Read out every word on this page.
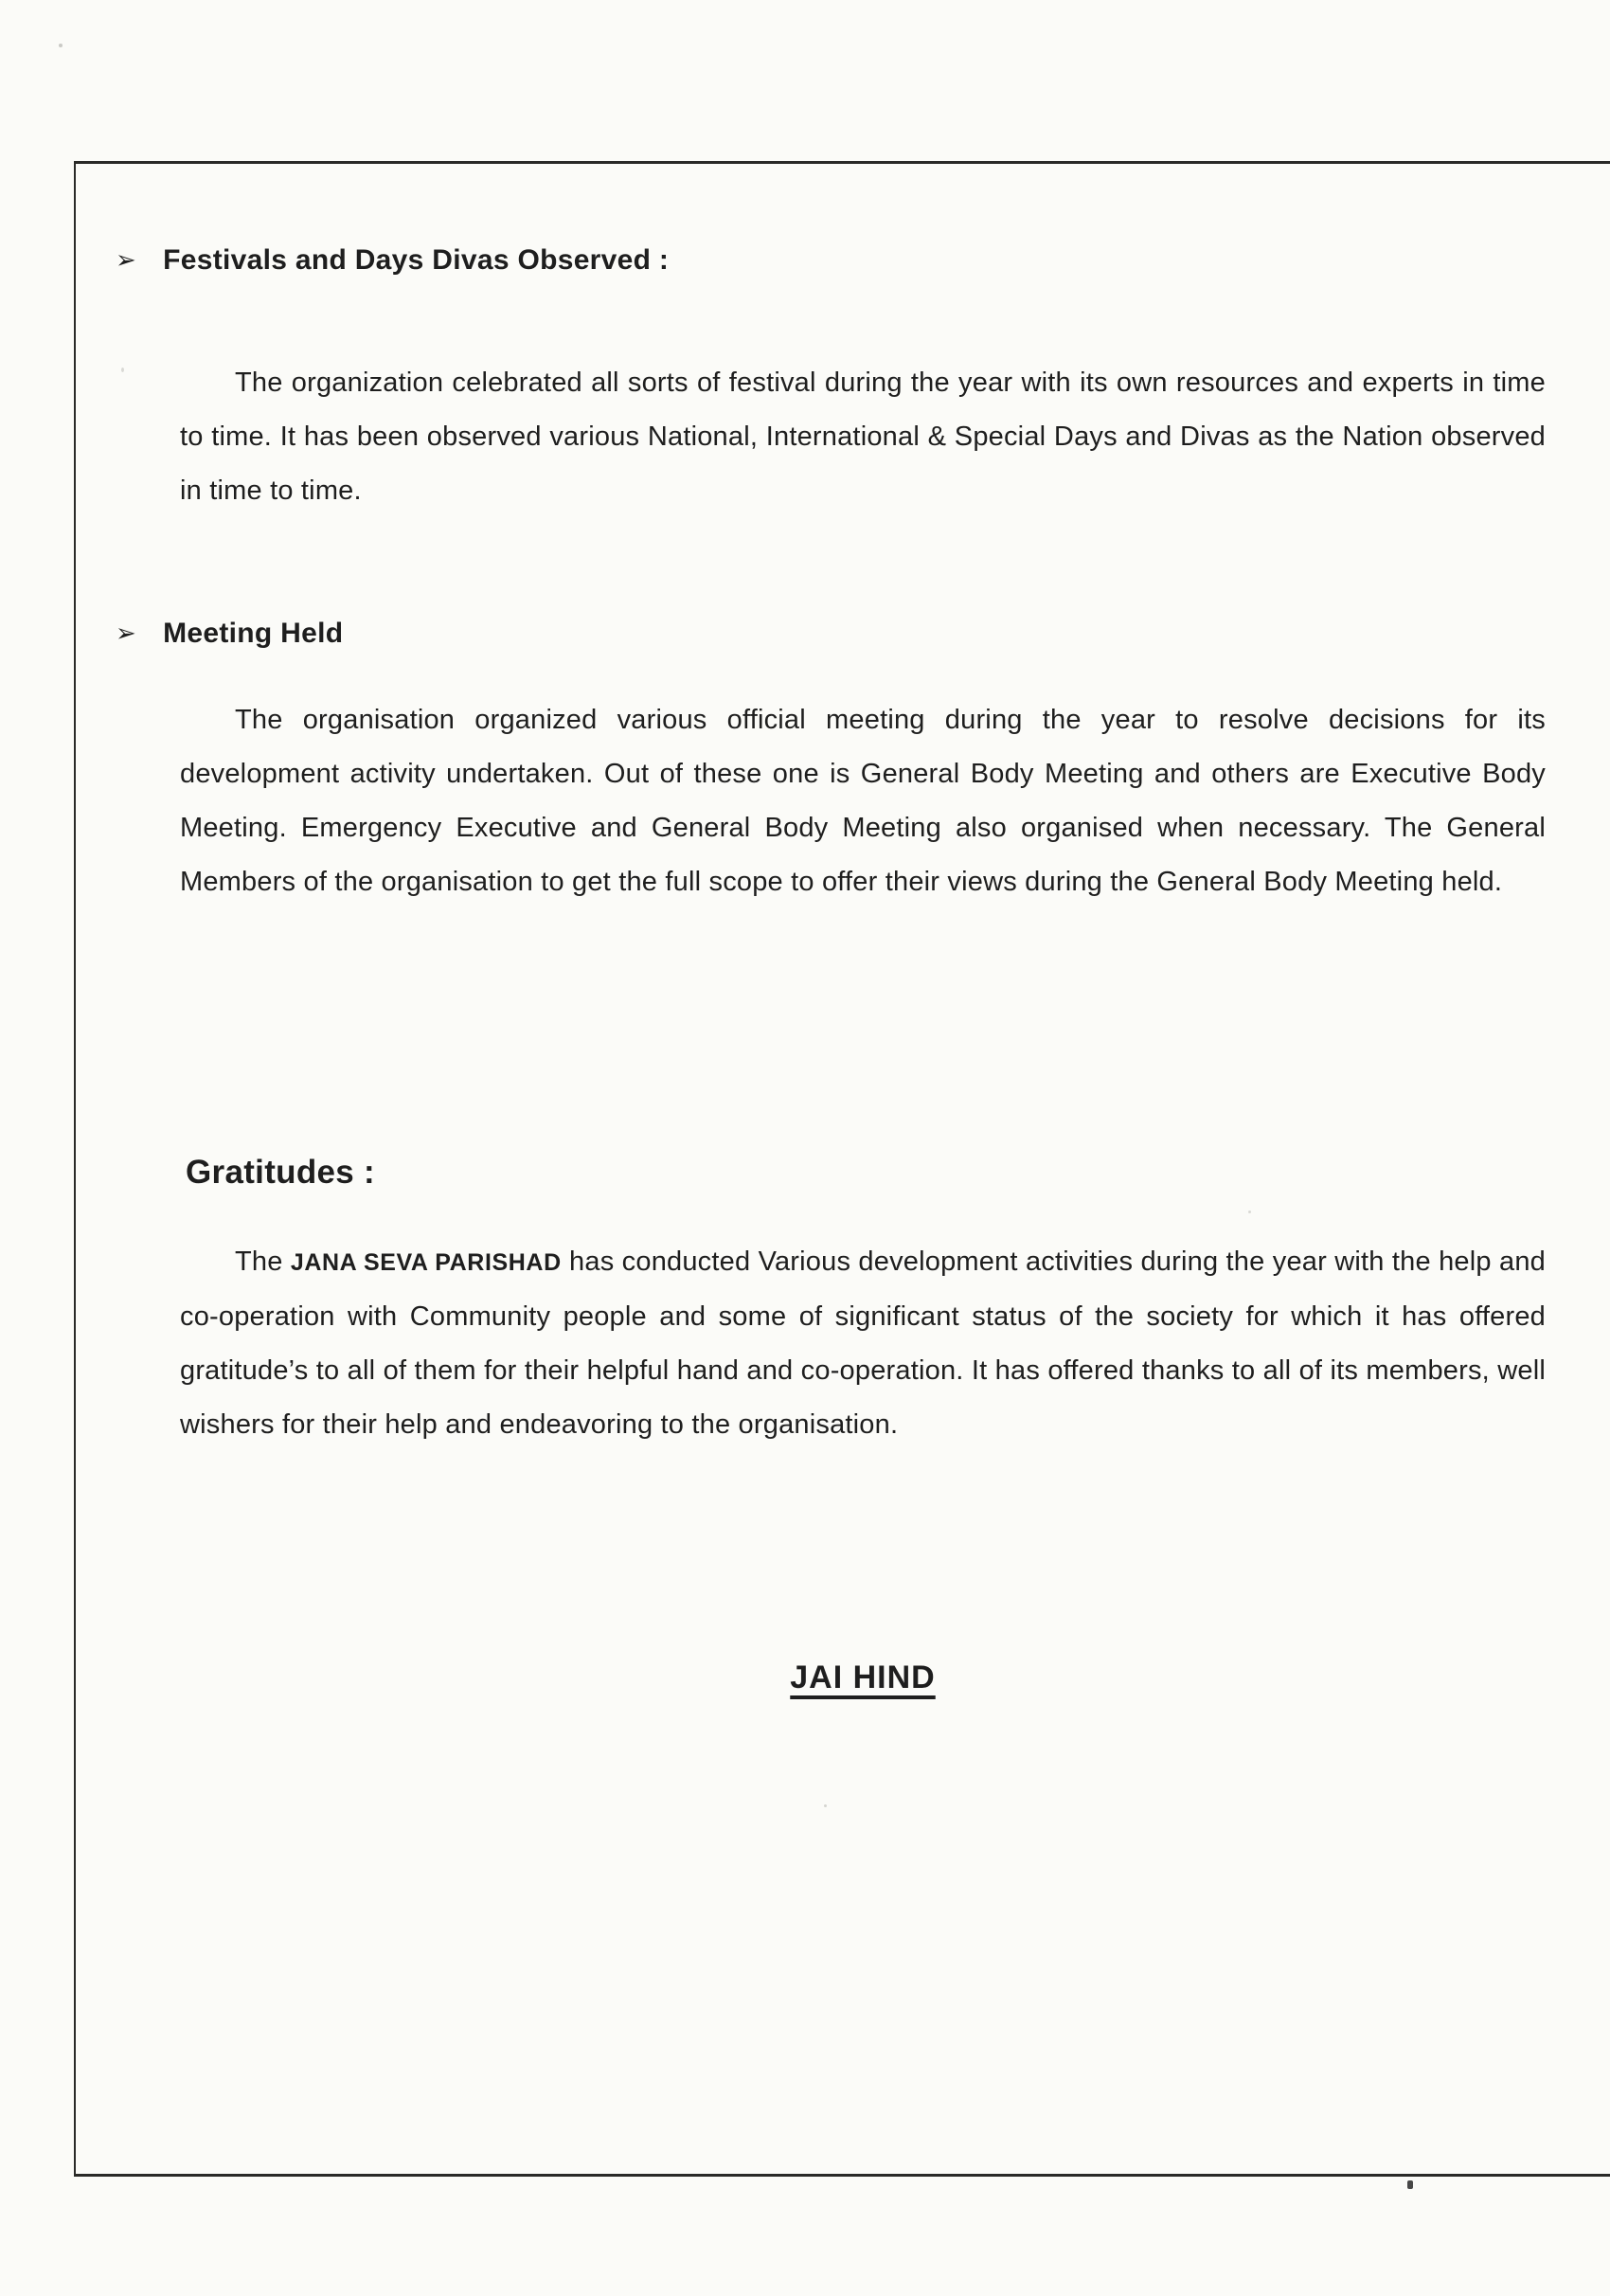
➢ Festivals and Days Divas Observed :

The organization celebrated all sorts of festival during the year with its own resources and experts in time to time. It has been observed various National, International & Special Days and Divas as the Nation observed in time to time.

➢ Meeting Held

The organisation organized various official meeting during the year to resolve decisions for its development activity undertaken. Out of these one is General Body Meeting and others are Executive Body Meeting. Emergency Executive and General Body Meeting also organised when necessary. The General Members of the organisation to get the full scope to offer their views during the General Body Meeting held.

Gratitudes :

The JANA SEVA PARISHAD has conducted Various development activities during the year with the help and co-operation with Community people and some of significant status of the society for which it has offered gratitude’s to all of them for their helpful hand and co-operation. It has offered thanks to all of its members, well wishers for their help and endeavoring to the organisation.

JAI HIND
